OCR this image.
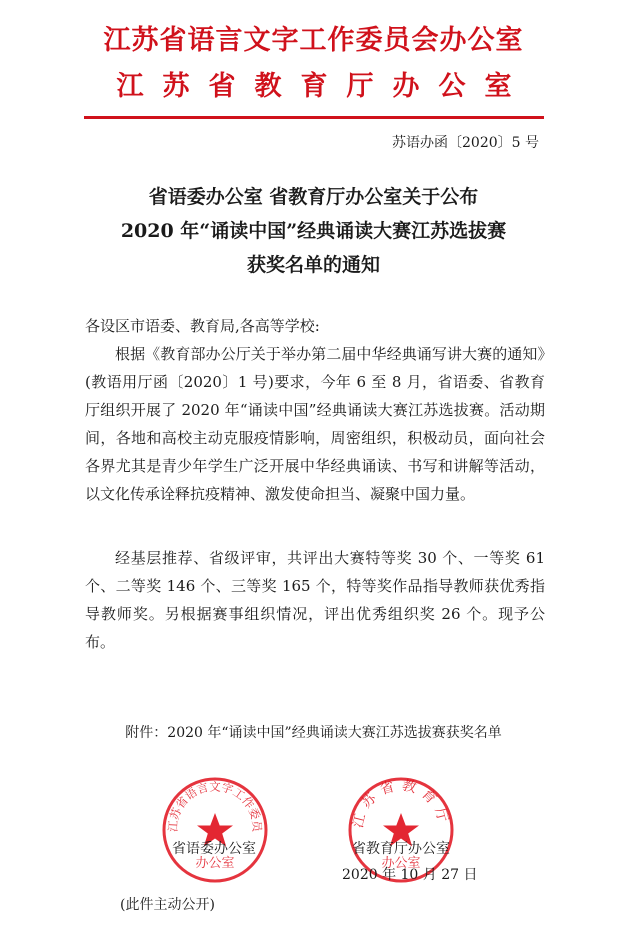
江苏省语言文字工作委员会办公室
江苏省教育厅办公室
苏语办函〔2020〕5 号
省语委办公室 省教育厅办公室关于公布
2020 年“诵读中国”经典诵读大赛江苏选拔赛
获奖名单的通知
各设区市语委、教育局,各高等学校:
根据《教育部办公厅关于举办第二届中华经典诵写讲大赛的通知》(教语用厅函〔2020〕1 号)要求，今年 6 至 8 月，省语委、省教育厅组织开展了 2020 年“诵读中国”经典诵读大赛江苏选拔赛。活动期间，各地和高校主动克服疫情影响，周密组织，积极动员，面向社会各界尤其是青少年学生广泛开展中华经典诵读、书写和讲解等活动，以文化传承诠释抗疫精神、激发使命担当、凝聚中国力量。
经基层推荐、省级评审，共评出大赛特等奖 30 个、一等奖 61 个、二等奖 146 个、三等奖 165 个，特等奖作品指导教师获优秀指导教师奖。另根据赛事组织情况，评出优秀组织奖 26 个。现予公布。
附件：2020 年“诵读中国”经典诵读大赛江苏选拔赛获奖名单
江苏省语言文字工作委员
办公室
江苏省教育厅
办公室
省语委办公室	省教育厅办公室
2020 年 10 月 27 日
(此件主动公开)
